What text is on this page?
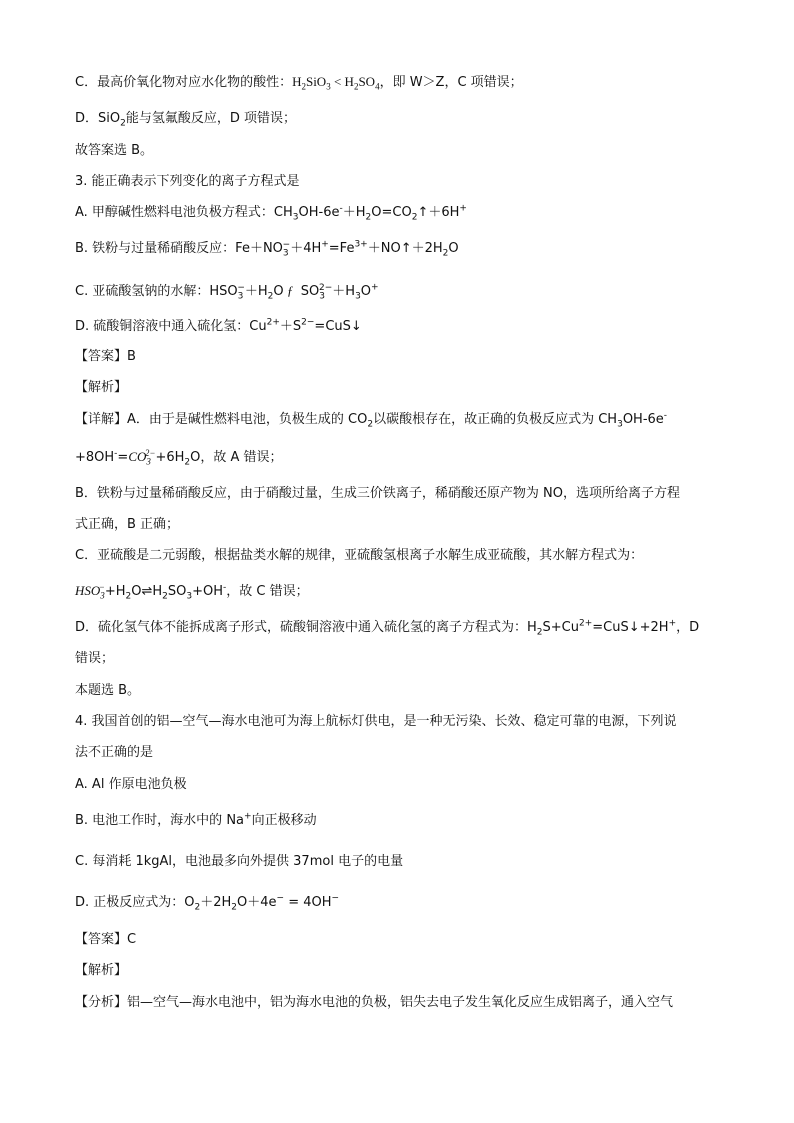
C．最高价氧化物对应水化物的酸性：$H_2SiO_3 < H_2SO_4$，即 W＞Z，C 项错误；
D．SiO$_2$能与氢氟酸反应，D 项错误；
故答案选 B。
3. 能正确表示下列变化的离子方程式是
A. 甲醇碱性燃料电池负极方程式：$CH_3OH-6e^-+H_2O=CO_2↑+6H^+$
B. 铁粉与过量稀硝酸反应：$Fe+NO_3^-+4H^+=Fe^{3+}+NO↑+2H_2O$
C. 亚硫酸氢钠的水解：$HSO_3^-+H_2O$ ƒ  $SO_3^{2-}+H_3O^+$
D. 硫酸铜溶液中通入硫化氢：$Cu^{2+}+S^{2-}=CuS↓$
【答案】B
【解析】
【详解】A．由于是碱性燃料电池，负极生成的 $CO_2$以碳酸根存在，故正确的负极反应式为 $CH_3OH-6e^-$
$+8OH^-=CO_3^{2-}+6H_2O$，故 A 错误；
B．铁粉与过量稀硝酸反应，由于硝酸过量，生成三价铁离子，稀硝酸还原产物为 NO，选项所给离子方程
式正确，B 正确；
C．亚硫酸是二元弱酸，根据盐类水解的规律，亚硫酸氢根离子水解生成亚硫酸，其水解方程式为：
$HSO_3^-+H_2O\rightleftharpoons H_2SO_3+OH^-$，故 C 错误；
D．硫化氢气体不能拆成离子形式，硫酸铜溶液中通入硫化氢的离子方程式为：$H_2S+Cu^{2+}=CuS↓+2H^+$，D
错误；
本题选 B。
4. 我国首创的铝—空气—海水电池可为海上航标灯供电，是一种无污染、长效、稳定可靠的电源，下列说
法不正确的是
A. Al 作原电池负极
B. 电池工作时，海水中的 Na+向正极移动
C. 每消耗 1kgAl，电池最多向外提供 37mol 电子的电量
D. 正极反应式为：$O_2+2H_2O+4e^- = 4OH^-$
【答案】C
【解析】
【分析】铝—空气—海水电池中，铝为海水电池的负极，铝失去电子发生氧化反应生成铝离子，通入空气
